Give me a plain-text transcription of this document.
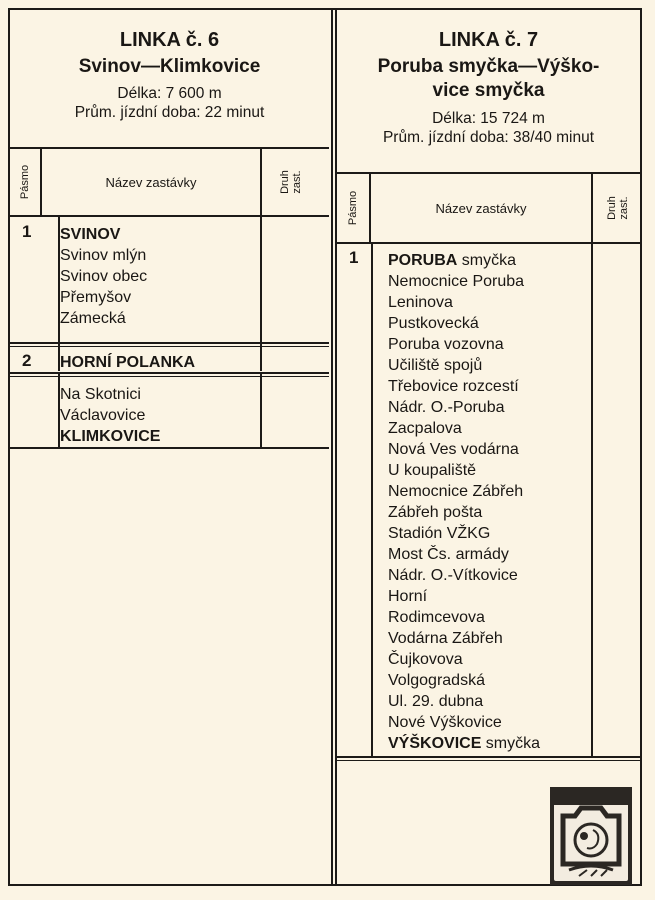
LINKA č. 6
Svinov—Klimkovice
Délka: 7 600 m
Prům. jízdní doba: 22 minut
Pásmo	Název zastávky	Druh zast.
1 SVINOV
Svinov mlýn
Svinov obec
Přemyšov
Zámecká
2 HORNÍ POLANKA
Na Skotnici
Václavovice
KLIMKOVICE
LINKA č. 7
Poruba smyčka—Výško-
vice smyčka
Délka: 15 724 m
Prům. jízdní doba: 38/40 minut
Pásmo	Název zastávky	Druh zast.
1 PORUBA smyčka
Nemocnice Poruba
Leninova
Pustkovecká
Poruba vozovna
Učiliště spojů
Třebovice rozcestí
Nádr. O.-Poruba
Zacpalova
Nová Ves vodárna
U koupaliště
Nemocnice Zábřeh
Zábřeh pošta
Stadión VŽKG
Most Čs. armády
Nádr. O.-Vítkovice
Horní
Rodimcevova
Vodárna Zábřeh
Čujkovova
Volgogradská
Ul. 29. dubna
Nové Výškovice
VÝŠKOVICE smyčka
